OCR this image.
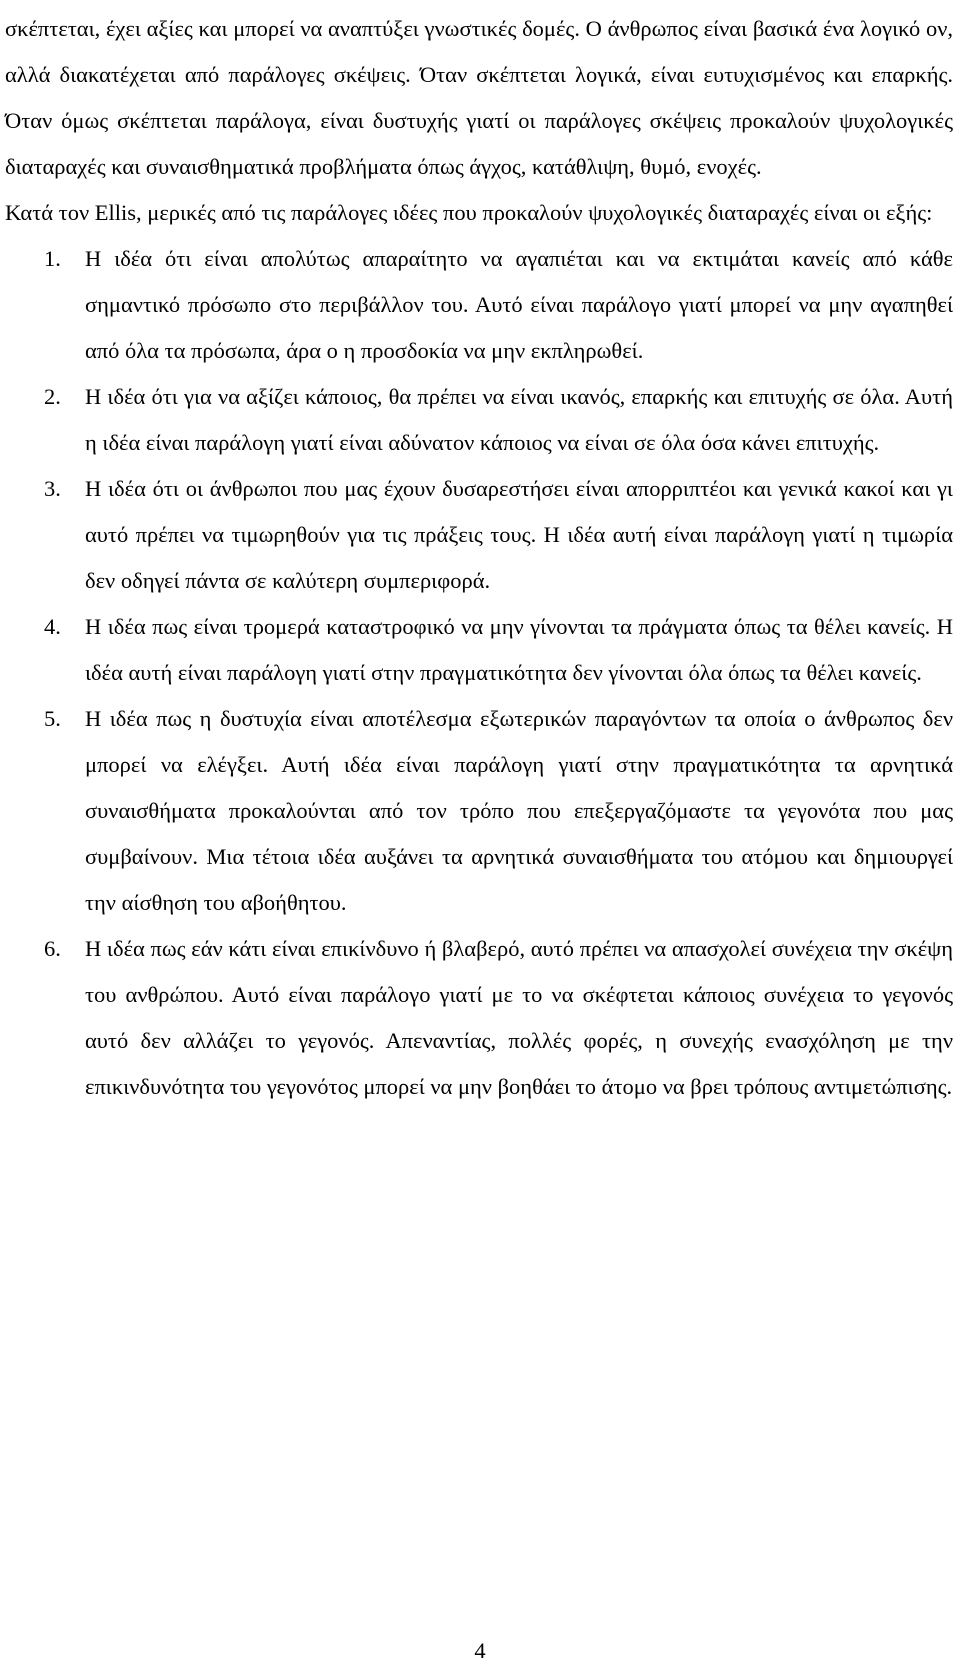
σκέπτεται, έχει αξίες και μπορεί να αναπτύξει γνωστικές δομές. Ο άνθρωπος είναι βασικά ένα λογικό ον, αλλά διακατέχεται από παράλογες σκέψεις. Όταν σκέπτεται λογικά, είναι ευτυχισμένος και επαρκής. Όταν όμως σκέπτεται παράλογα, είναι δυστυχής γιατί οι παράλογες σκέψεις προκαλούν ψυχολογικές διαταραχές και συναισθηματικά προβλήματα όπως άγχος, κατάθλιψη, θυμό, ενοχές.

Κατά τον Ellis, μερικές από τις παράλογες ιδέες που προκαλούν ψυχολογικές διαταραχές είναι οι εξής:

1. Η ιδέα ότι είναι απολύτως απαραίτητο να αγαπιέται και να εκτιμάται κανείς από κάθε σημαντικό πρόσωπο στο περιβάλλον του. Αυτό είναι παράλογο γιατί μπορεί να μην αγαπηθεί από όλα τα πρόσωπα, άρα ο η προσδοκία να μην εκπληρωθεί.

2. Η ιδέα ότι για να αξίζει κάποιος, θα πρέπει να είναι ικανός, επαρκής και επιτυχής σε όλα. Αυτή η ιδέα είναι παράλογη γιατί είναι αδύνατον κάποιος να είναι σε όλα όσα κάνει επιτυχής.

3. Η ιδέα ότι οι άνθρωποι που μας έχουν δυσαρεστήσει είναι απορριπτέοι και γενικά κακοί και γι αυτό πρέπει να τιμωρηθούν για τις πράξεις τους. Η ιδέα αυτή είναι παράλογη γιατί η τιμωρία δεν οδηγεί πάντα σε καλύτερη συμπεριφορά.

4. Η ιδέα πως είναι τρομερά καταστροφικό να μην γίνονται τα πράγματα όπως τα θέλει κανείς. Η ιδέα αυτή είναι παράλογη γιατί στην πραγματικότητα δεν γίνονται όλα όπως τα θέλει κανείς.

5. Η ιδέα πως η δυστυχία είναι αποτέλεσμα εξωτερικών παραγόντων τα οποία ο άνθρωπος δεν μπορεί να ελέγξει. Αυτή ιδέα είναι παράλογη γιατί στην πραγματικότητα τα αρνητικά συναισθήματα προκαλούνται από τον τρόπο που επεξεργαζόμαστε τα γεγονότα που μας συμβαίνουν. Μια τέτοια ιδέα αυξάνει τα αρνητικά συναισθήματα του ατόμου και δημιουργεί την αίσθηση του αβοήθητου.

6. Η ιδέα πως εάν κάτι είναι επικίνδυνο ή βλαβερό, αυτό πρέπει να απασχολεί συνέχεια την σκέψη του ανθρώπου. Αυτό είναι παράλογο γιατί με το να σκέφτεται κάποιος συνέχεια το γεγονός αυτό δεν αλλάζει το γεγονός. Απεναντίας, πολλές φορές, η συνεχής ενασχόληση με την επικινδυνότητα του γεγονότος μπορεί να μην βοηθάει το άτομο να βρει τρόπους αντιμετώπισης.

4
